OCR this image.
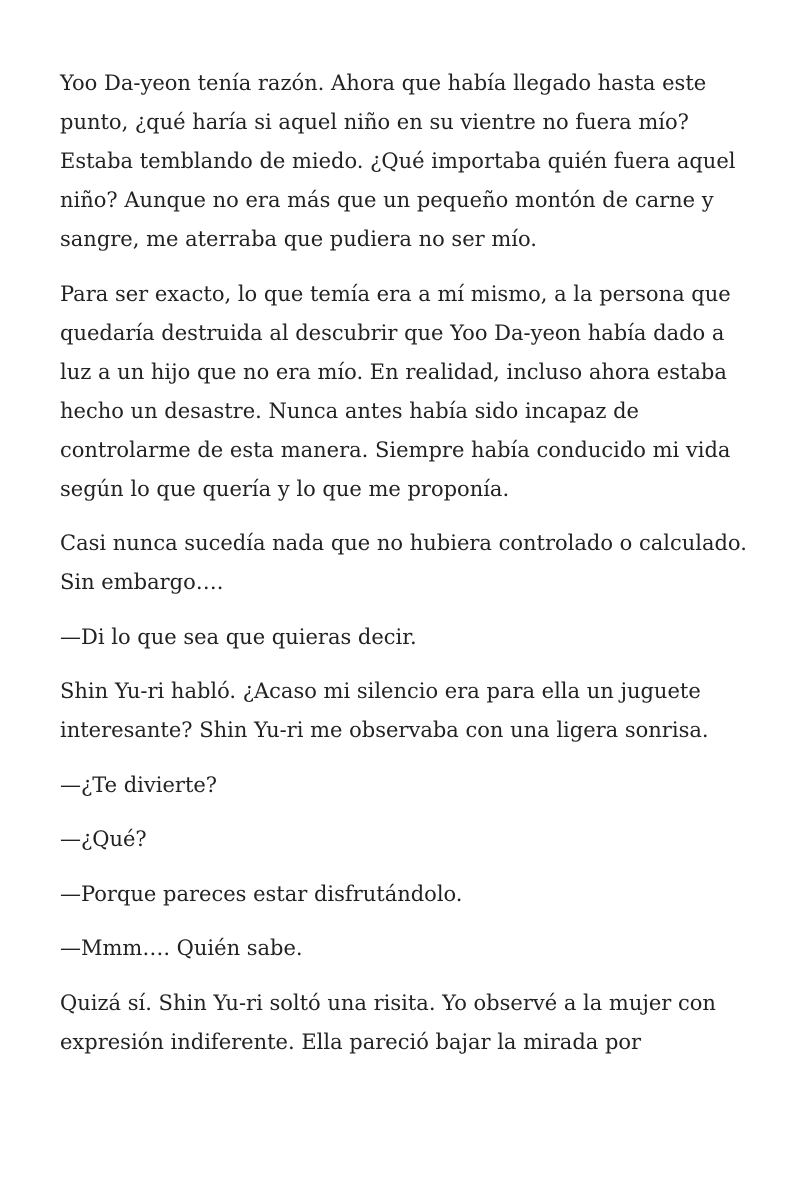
Yoo Da-yeon tenía razón. Ahora que había llegado hasta este punto, ¿qué haría si aquel niño en su vientre no fuera mío? Estaba temblando de miedo. ¿Qué importaba quién fuera aquel niño? Aunque no era más que un pequeño montón de carne y sangre, me aterraba que pudiera no ser mío.

Para ser exacto, lo que temía era a mí mismo, a la persona que quedaría destruida al descubrir que Yoo Da-yeon había dado a luz a un hijo que no era mío. En realidad, incluso ahora estaba hecho un desastre. Nunca antes había sido incapaz de controlarme de esta manera. Siempre había conducido mi vida según lo que quería y lo que me proponía.

Casi nunca sucedía nada que no hubiera controlado o calculado. Sin embargo….

—Di lo que sea que quieras decir.

Shin Yu-ri habló. ¿Acaso mi silencio era para ella un juguete interesante? Shin Yu-ri me observaba con una ligera sonrisa.

—¿Te divierte?

—¿Qué?

—Porque pareces estar disfrutándolo.

—Mmm…. Quién sabe.

Quizá sí. Shin Yu-ri soltó una risita. Yo observé a la mujer con expresión indiferente. Ella pareció bajar la mirada por
